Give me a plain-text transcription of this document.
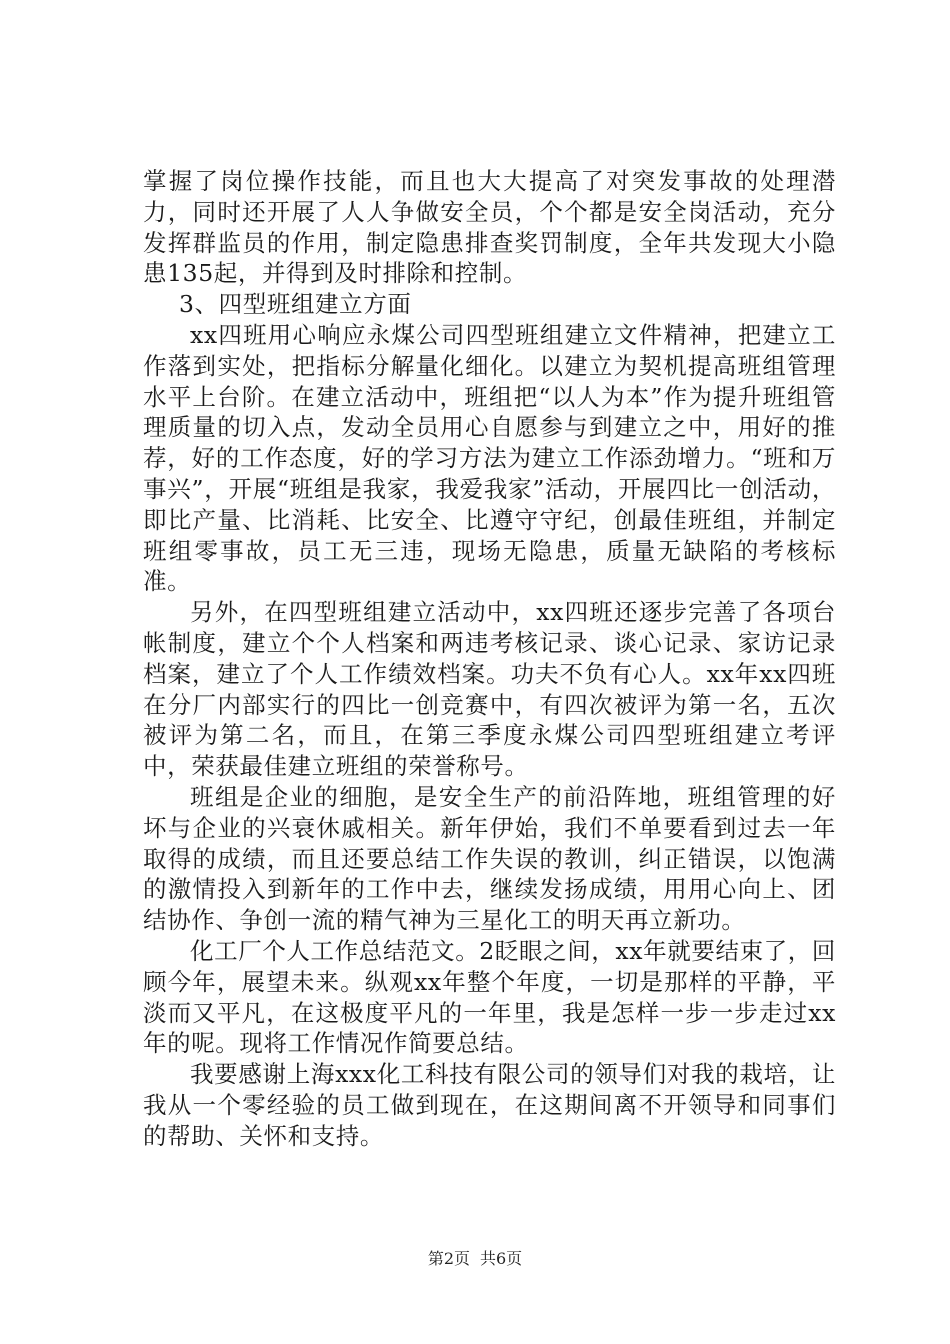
掌握了岗位操作技能，而且也大大提高了对突发事故的处理潜力，同时还开展了人人争做安全员，个个都是安全岗活动，充分发挥群监员的作用，制定隐患排查奖罚制度，全年共发现大小隐患135起，并得到及时排除和控制。

3、四型班组建立方面

xx四班用心响应永煤公司四型班组建立文件精神，把建立工作落到实处，把指标分解量化细化。以建立为契机提高班组管理水平上台阶。在建立活动中，班组把“以人为本”作为提升班组管理质量的切入点，发动全员用心自愿参与到建立之中，用好的推荐，好的工作态度，好的学习方法为建立工作添劲增力。“班和万事兴”，开展“班组是我家，我爱我家”活动，开展四比一创活动，即比产量、比消耗、比安全、比遵守守纪，创最佳班组，并制定班组零事故，员工无三违，现场无隐患，质量无缺陷的考核标准。

另外，在四型班组建立活动中，xx四班还逐步完善了各项台帐制度，建立个个人档案和两违考核记录、谈心记录、家访记录档案，建立了个人工作绩效档案。功夫不负有心人。xx年xx四班在分厂内部实行的四比一创竞赛中，有四次被评为第一名，五次被评为第二名，而且，在第三季度永煤公司四型班组建立考评中，荣获最佳建立班组的荣誉称号。

班组是企业的细胞，是安全生产的前沿阵地，班组管理的好坏与企业的兴衰休戚相关。新年伊始，我们不单要看到过去一年取得的成绩，而且还要总结工作失误的教训，纠正错误，以饱满的激情投入到新年的工作中去，继续发扬成绩，用用心向上、团结协作、争创一流的精气神为三星化工的明天再立新功。

化工厂个人工作总结范文。2眨眼之间，xx年就要结束了，回顾今年，展望未来。纵观xx年整个年度，一切是那样的平静，平淡而又平凡，在这极度平凡的一年里，我是怎样一步一步走过xx年的呢。现将工作情况作简要总结。

我要感谢上海xxx化工科技有限公司的领导们对我的栽培，让我从一个零经验的员工做到现在，在这期间离不开领导和同事们的帮助、关怀和支持。

第2页 共6页
